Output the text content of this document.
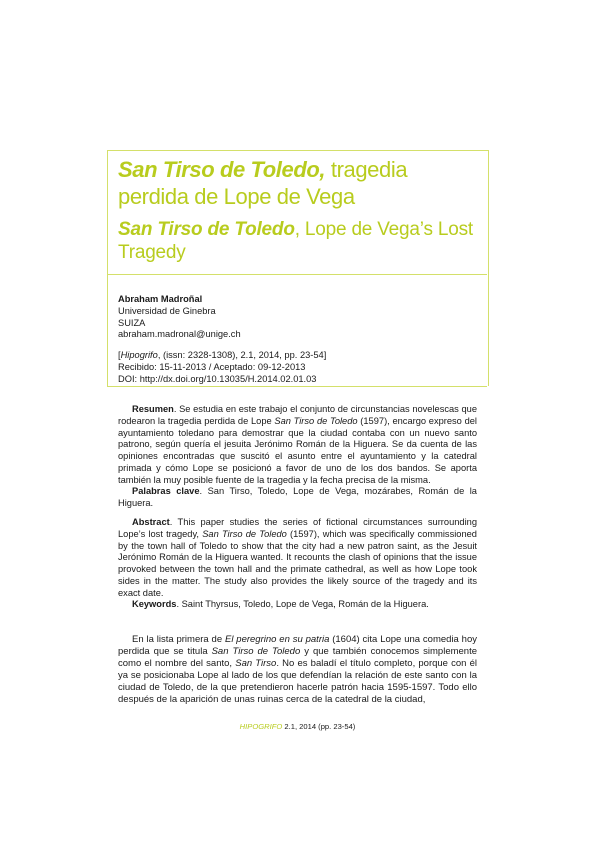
San Tirso de Toledo, tragedia perdida de Lope de Vega
San Tirso de Toledo, Lope de Vega’s Lost Tragedy
Abraham Madroñal
Universidad de Ginebra
SUIZA
abraham.madronal@unige.ch
[Hipogrifo, (issn: 2328-1308), 2.1, 2014, pp. 23-54]
Recibido: 15-11-2013 / Aceptado: 09-12-2013
DOI: http://dx.doi.org/10.13035/H.2014.02.01.03

Resumen. Se estudia en este trabajo el conjunto de circunstancias novelescas que rodearon la tragedia perdida de Lope San Tirso de Toledo (1597), encargo expreso del ayuntamiento toledano para demostrar que la ciudad contaba con un nuevo santo patrono, según quería el jesuita Jerónimo Román de la Higuera. Se da cuenta de las opiniones encontradas que suscitó el asunto entre el ayuntamiento y la catedral primada y cómo Lope se posicionó a favor de uno de los dos bandos. Se aporta también la muy posible fuente de la tragedia y la fecha precisa de la misma.

Palabras clave. San Tirso, Toledo, Lope de Vega, mozárabes, Román de la Higuera.

Abstract. This paper studies the series of fictional circumstances surrounding Lope’s lost tragedy, San Tirso de Toledo (1597), which was specifically commissioned by the town hall of Toledo to show that the city had a new patron saint, as the Jesuit Jerónimo Román de la Higuera wanted. It recounts the clash of opinions that the issue provoked between the town hall and the primate cathedral, as well as how Lope took sides in the matter. The study also provides the likely source of the tragedy and its exact date.

Keywords. Saint Thyrsus, Toledo, Lope de Vega, Román de la Higuera.

En la lista primera de El peregrino en su patria (1604) cita Lope una comedia hoy perdida que se titula San Tirso de Toledo y que también conocemos simplemente como el nombre del santo, San Tirso. No es baladí el título completo, porque con él ya se posicionaba Lope al lado de los que defendían la relación de este santo con la ciudad de Toledo, de la que pretendieron hacerle patrón hacia 1595-1597. Todo ello después de la aparición de unas ruinas cerca de la catedral de la ciudad,

HIPOGRIFO 2.1, 2014 (pp. 23-54)
